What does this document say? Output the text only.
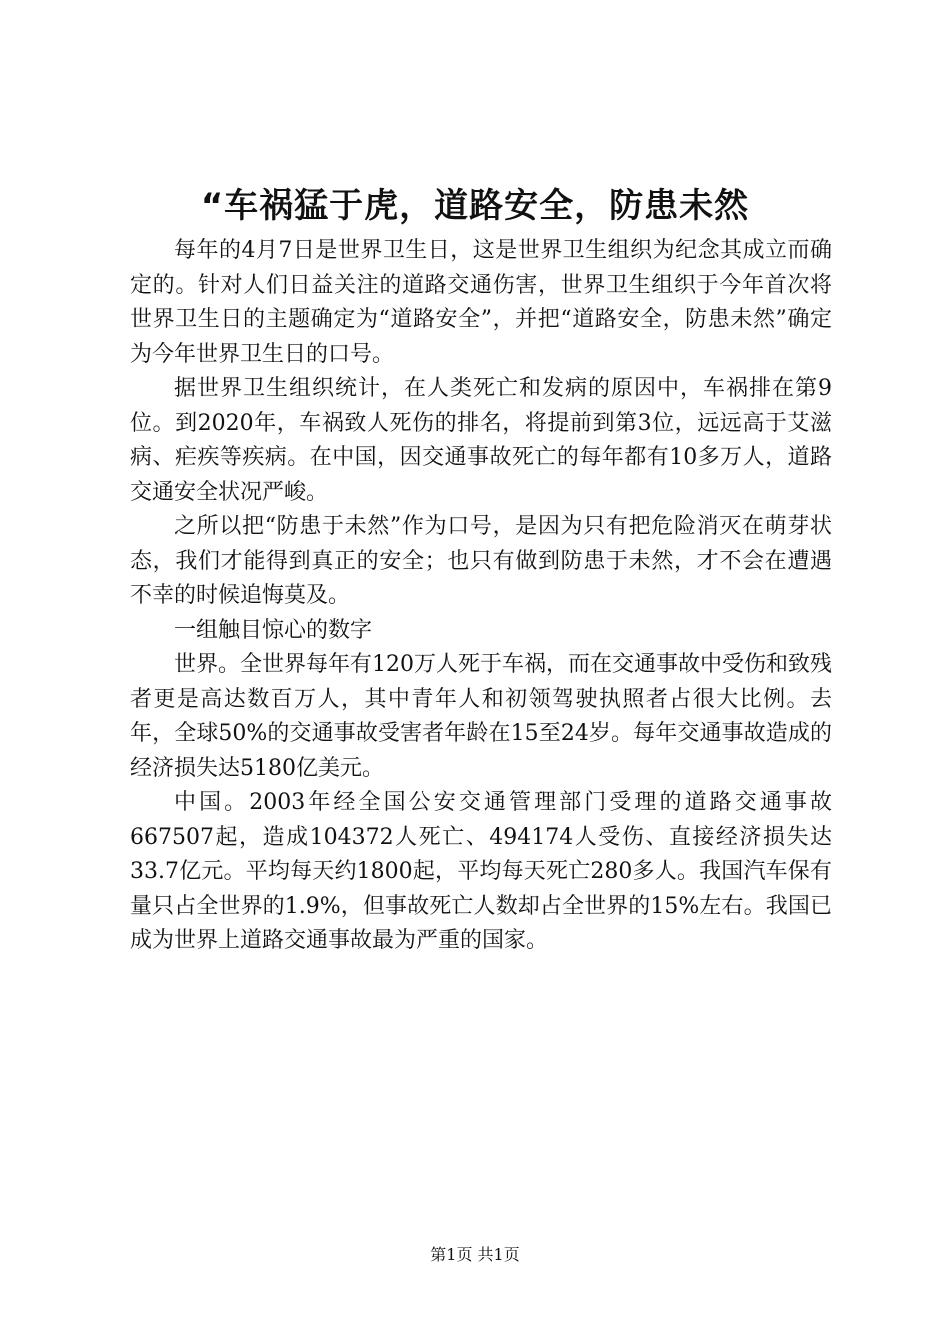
“车祸猛于虎，道路安全，防患未然

每年的4月7日是世界卫生日，这是世界卫生组织为纪念其成立而确定的。针对人们日益关注的道路交通伤害，世界卫生组织于今年首次将世界卫生日的主题确定为“道路安全”，并把“道路安全，防患未然”确定为今年世界卫生日的口号。

据世界卫生组织统计，在人类死亡和发病的原因中，车祸排在第9位。到2020年，车祸致人死伤的排名，将提前到第3位，远远高于艾滋病、疟疾等疾病。在中国，因交通事故死亡的每年都有10多万人，道路交通安全状况严峻。

之所以把“防患于未然”作为口号，是因为只有把危险消灭在萌芽状态，我们才能得到真正的安全；也只有做到防患于未然，才不会在遭遇不幸的时候追悔莫及。

一组触目惊心的数字

世界。全世界每年有120万人死于车祸，而在交通事故中受伤和致残者更是高达数百万人，其中青年人和初领驾驶执照者占很大比例。去年，全球50%的交通事故受害者年龄在15至24岁。每年交通事故造成的经济损失达5180亿美元。

中国。2003年经全国公安交通管理部门受理的道路交通事故667507起，造成104372人死亡、494174人受伤、直接经济损失达33.7亿元。平均每天约1800起，平均每天死亡280多人。我国汽车保有量只占全世界的1.9%，但事故死亡人数却占全世界的15%左右。我国已成为世界上道路交通事故最为严重的国家。

第1页 共1页
